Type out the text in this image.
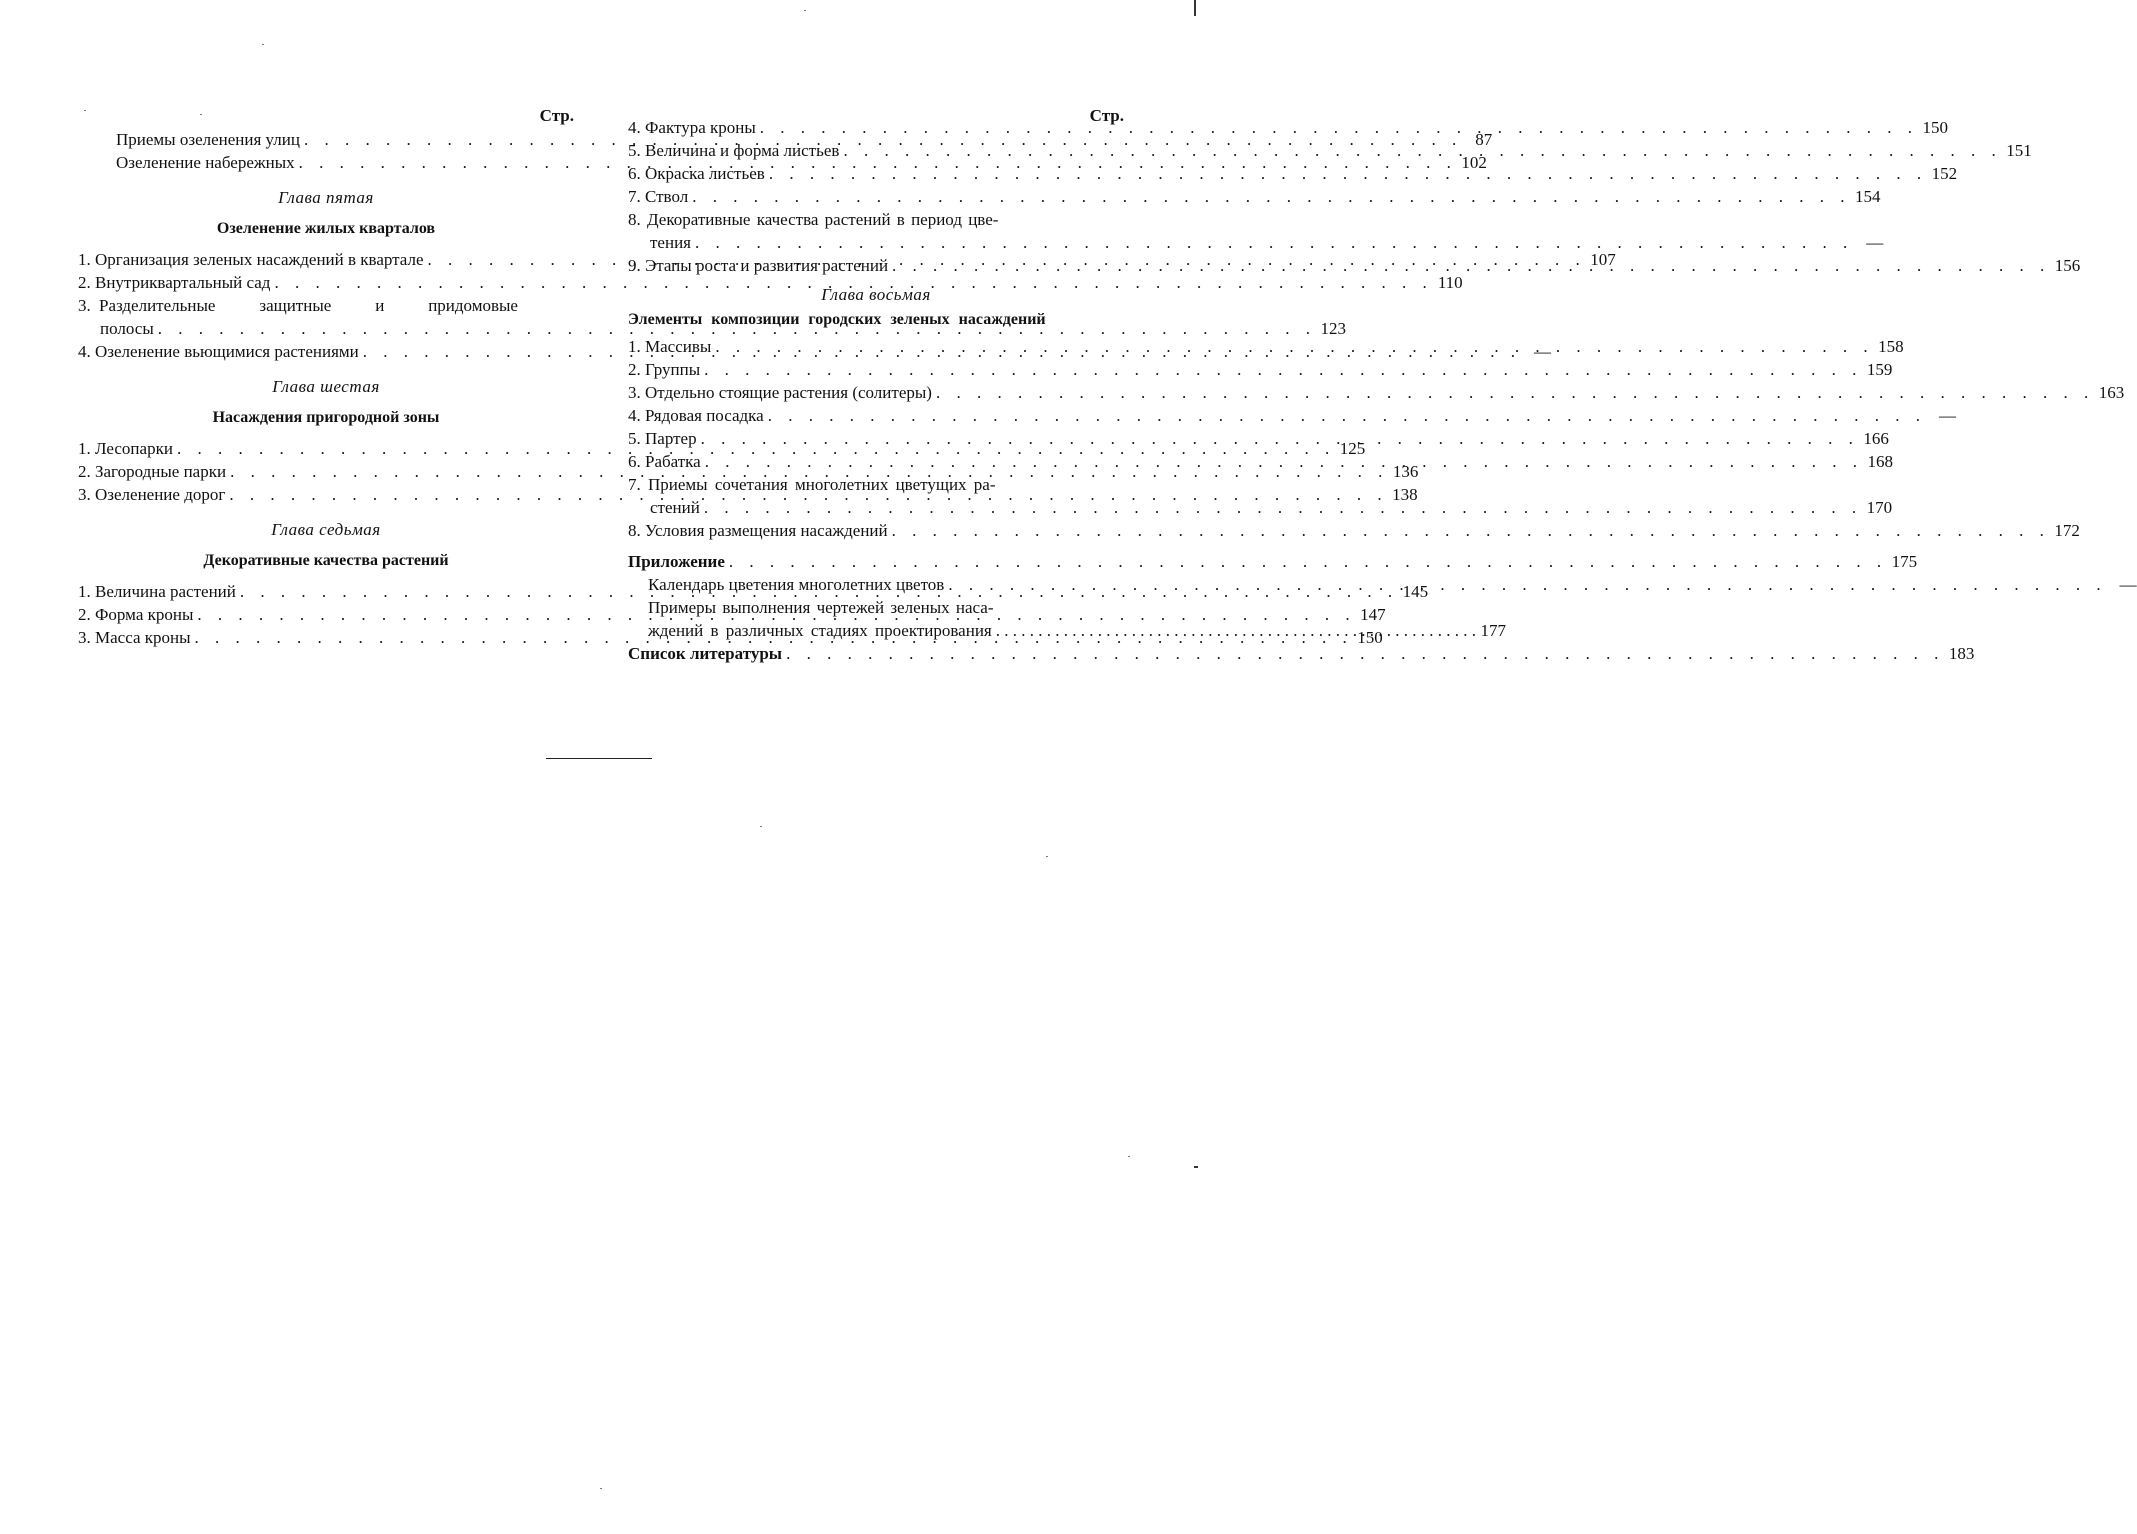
Стр.
Приемы озеленения улиц . . .	87
Озеленение набережных . . .	102
Глава пятая
Озеленение жилых кварталов
1. Организация зеленых насаждений в квартале . . .	107
2. Внутриквартальный сад . . .	110
3. Разделительные	защитные	и	придомовые
полосы . . .	123
4. Озеленение вьющимися растениями . . .	—
Глава шестая
Насаждения пригородной зоны
1. Лесопарки . . .	125
2. Загородные парки . . .	136
3. Озеленение дорог . . .	138
Глава седьмая
Декоративные качества растений
1. Величина растений . . .	145
2. Форма кроны . . .	147
3. Масса кроны . . .	150
Стр.
4. Фактура кроны . . .	150
5. Величина и форма листьев . . .	151
6. Окраска листьев . . .	152
7. Ствол . . .	154
8. Декоративные качества растений в период цве-
тения . . .	—
9. Этапы роста и развития растений . . .	156
Глава восьмая
Элементы композиции городских зеленых насаждений
1. Массивы . . .	158
2. Группы . . .	159
3. Отдельно стоящие растения (солитеры) . . .	163
4. Рядовая посадка . . .	—
5. Партер . . .	166
6. Рабатка . . .	168
7. Приемы сочетания многолетних цветущих ра-
стений . . .	170
8. Условия размещения насаждений . . .	172
Приложение . . .	175
Календарь цветения многолетних цветов . . .	—
Примеры выполнения чертежей зеленых наса-
ждений в различных стадиях проектирования . . .	177
Список литературы . . .	183
